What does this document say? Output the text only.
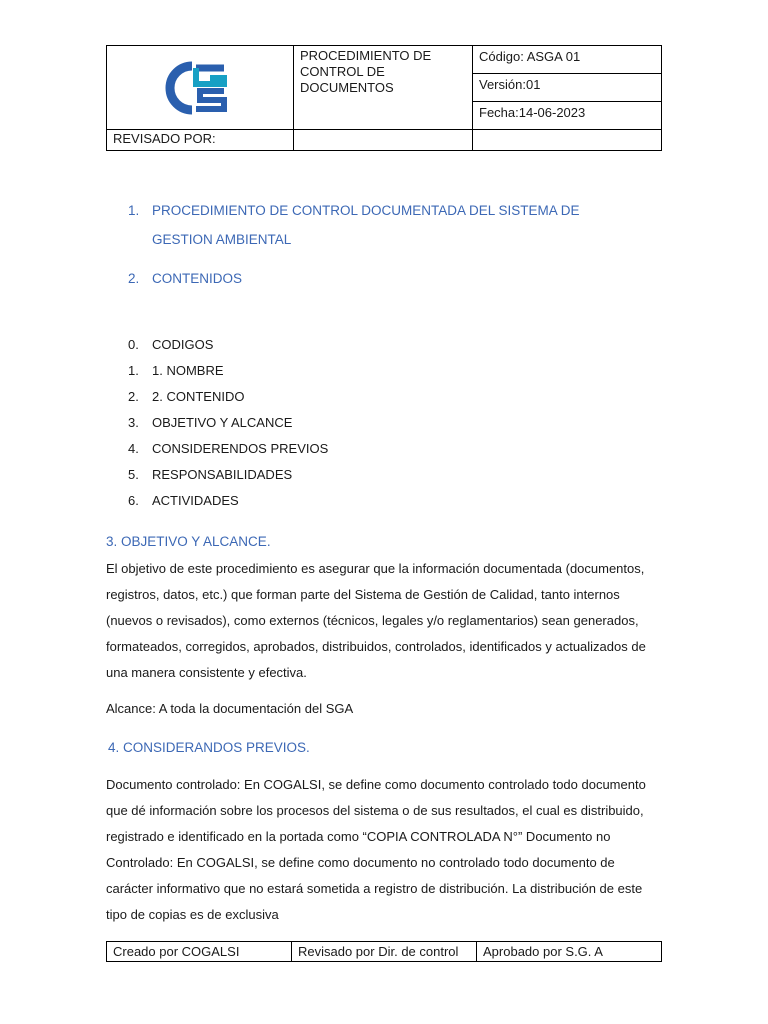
	PROCEDIMIENTO DE CONTROL DE DOCUMENTOS	Código: ASGA 01
		Versión:01
		Fecha:14-06-2023
REVISADO POR:		
1. PROCEDIMIENTO DE CONTROL DOCUMENTADA DEL SISTEMA DE GESTION AMBIENTAL
2. CONTENIDOS
0. CODIGOS
1. 1. NOMBRE
2. 2. CONTENIDO
3. OBJETIVO Y ALCANCE
4. CONSIDERENDOS PREVIOS
5. RESPONSABILIDADES
6. ACTIVIDADES
3. OBJETIVO Y ALCANCE.
El objetivo de este procedimiento es asegurar que la información documentada (documentos, registros, datos, etc.) que forman parte del Sistema de Gestión de Calidad, tanto internos (nuevos o revisados), como externos (técnicos, legales y/o reglamentarios) sean generados, formateados, corregidos, aprobados, distribuidos, controlados, identificados y actualizados de una manera consistente y efectiva.
Alcance: A toda la documentación del SGA
4. CONSIDERANDOS PREVIOS.
Documento controlado: En COGALSI, se define como documento controlado todo documento que dé información sobre los procesos del sistema o de sus resultados, el cual es distribuido, registrado e identificado en la portada como “COPIA CONTROLADA N°” Documento no Controlado: En COGALSI, se define como documento no controlado todo documento de carácter informativo que no estará sometida a registro de distribución. La distribución de este tipo de copias es de exclusiva
Creado por COGALSI	Revisado por Dir. de control	Aprobado por S.G. A
